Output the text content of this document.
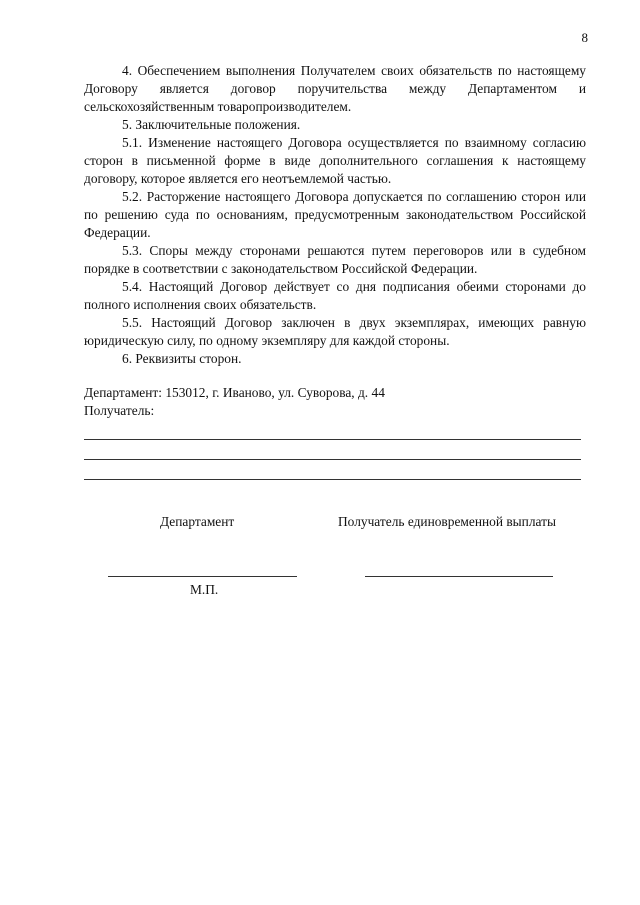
8

4. Обеспечением выполнения Получателем своих обязательств по настоящему Договору является договор поручительства между Департаментом и сельскохозяйственным товаропроизводителем.

5. Заключительные положения.

5.1. Изменение настоящего Договора осуществляется по взаимному согласию сторон в письменной форме в виде дополнительного соглашения к настоящему договору, которое является его неотъемлемой частью.

5.2. Расторжение настоящего Договора допускается по соглашению сторон или по решению суда по основаниям, предусмотренным законодательством Российской Федерации.

5.3. Споры между сторонами решаются путем переговоров или в судебном порядке в соответствии с законодательством Российской Федерации.

5.4. Настоящий Договор действует со дня подписания обеими сторонами до полного исполнения своих обязательств.

5.5. Настоящий Договор заключен в двух экземплярах, имеющих равную юридическую силу, по одному экземпляру для каждой стороны.

6. Реквизиты сторон.

Департамент: 153012, г. Иваново, ул. Суворова, д. 44

Получатель:

Департамент	Получатель единовременной выплаты
М.П.
